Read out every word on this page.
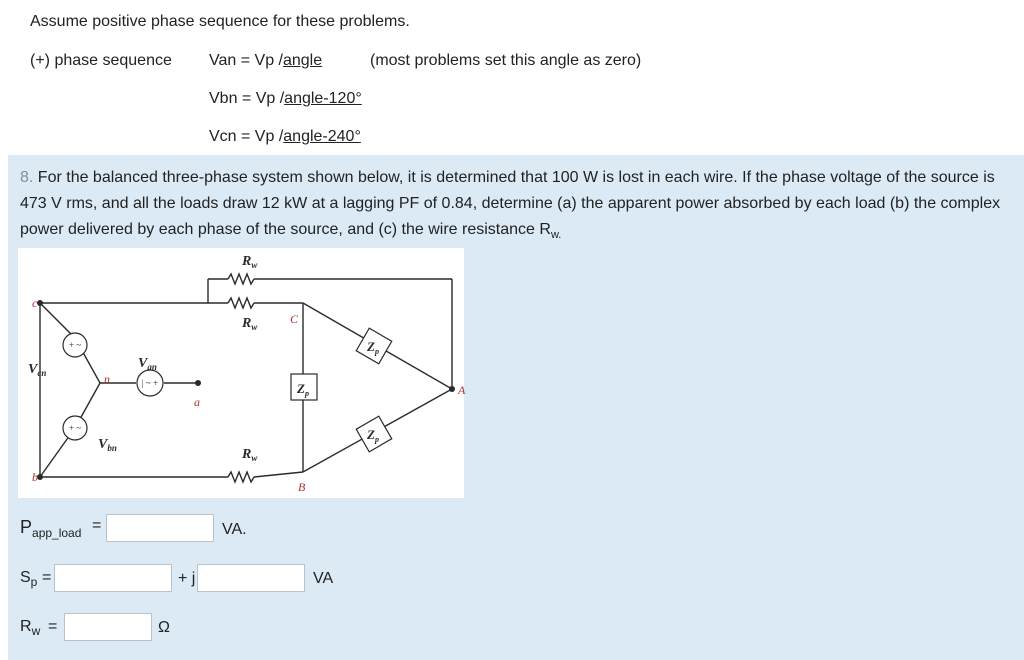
Assume positive phase sequence for these problems.
(+) phase sequence Van = Vp /angle	(most problems set this angle as zero)
Vbn = Vp /angle-120°
Vcn = Vp /angle-240°
8. For the balanced three-phase system shown below, it is determined that 100 W is lost in each wire. If the phase voltage of the source is 473 V rms, and all the loads draw 12 kW at a lagging PF of 0.84, determine (a) the apparent power absorbed by each load (b) the complex power delivered by each phase of the source, and (c) the wire resistance $R_{w.}$
+ ~
| ~ +
+ ~
$R_w$
$R_w$
$R_w$
$Z_p$
$Z_p$
$Z_p$
$V_{cn}$
$V_{an}$
$V_{bn}$
c
b
a
n
C
A
B
$P_{app\_load}$ =	VA.
$S_p$ =	+ j	VA
$R_w$ =	Ω
